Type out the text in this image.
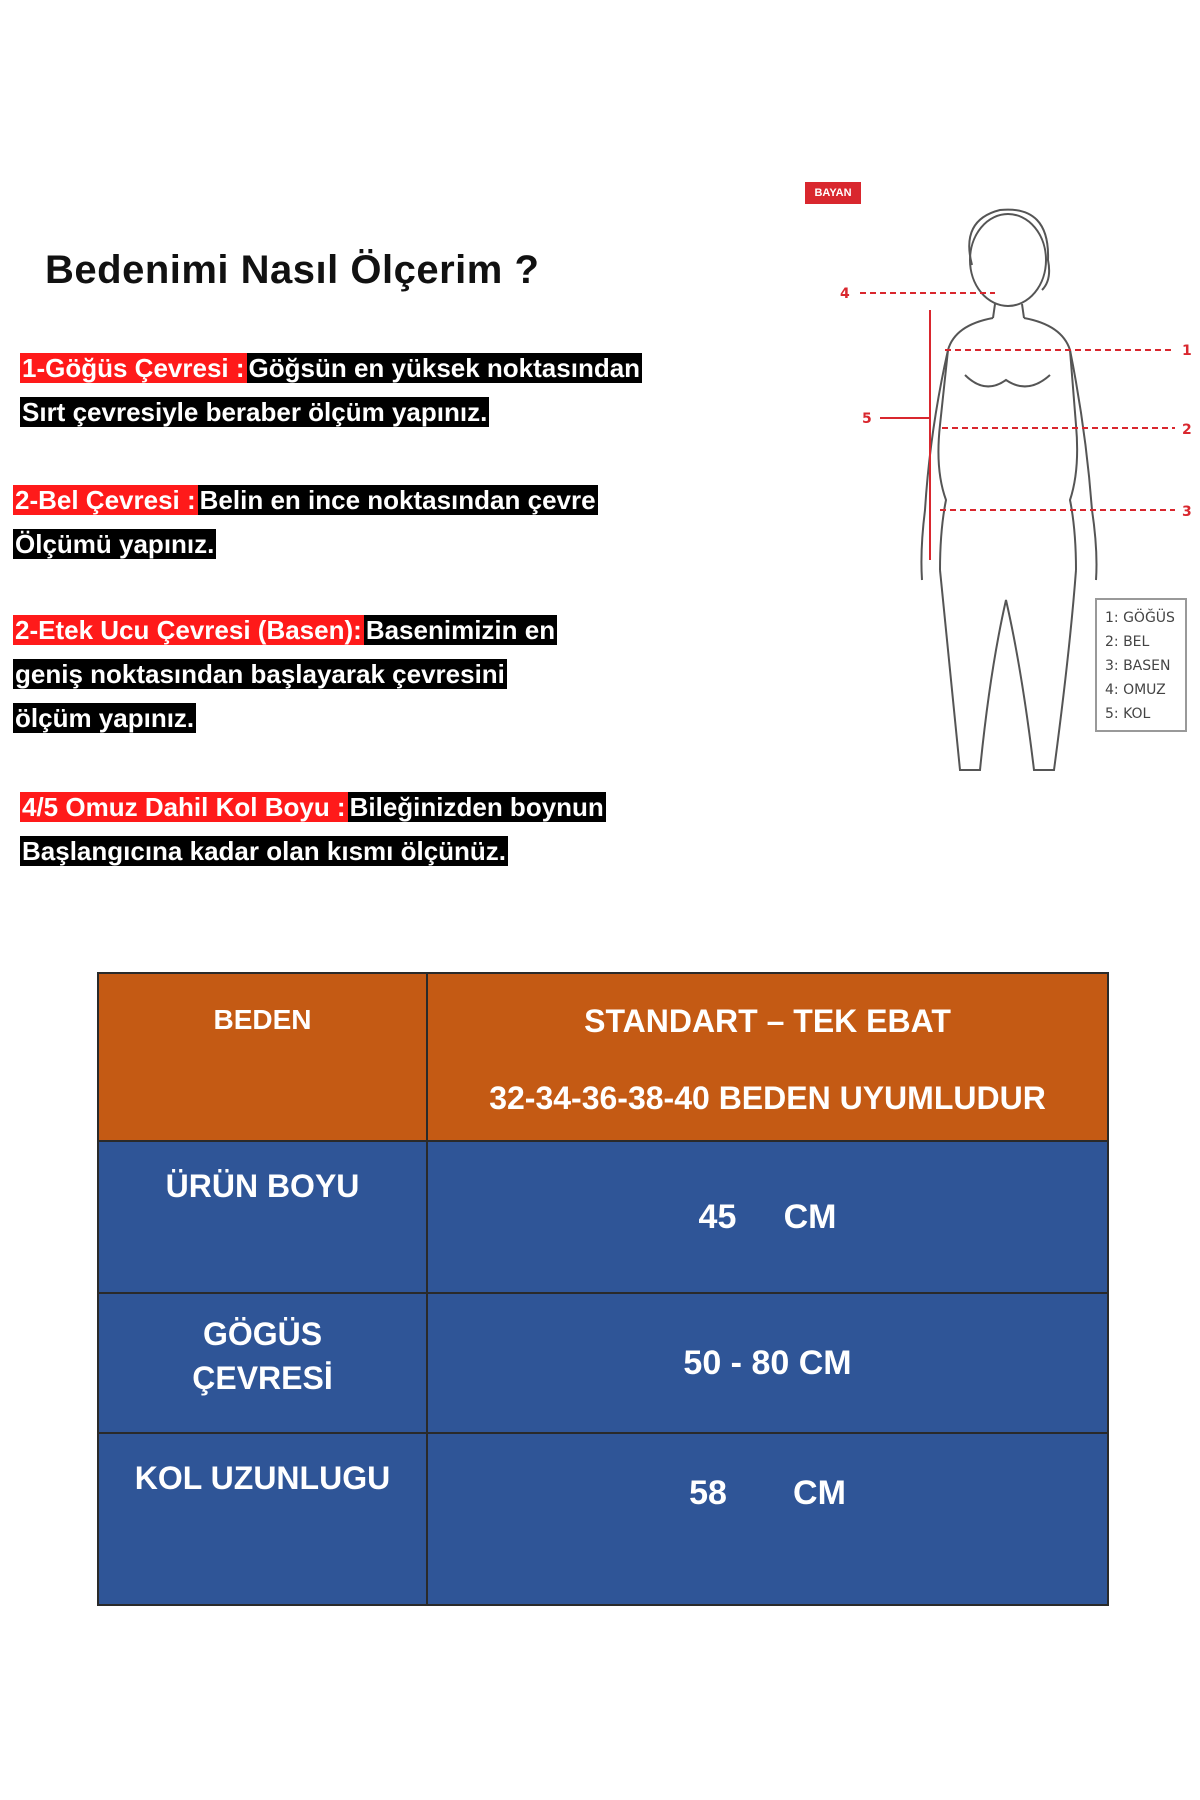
Bedenimi Nasıl Ölçerim ?
1-Göğüs Çevresi : Göğsün en yüksek noktasından
Sırt çevresiyle beraber ölçüm yapınız.
2-Bel Çevresi : Belin en ince noktasından çevre
Ölçümü yapınız.
2-Etek Ucu Çevresi (Basen): Basenimizin en
geniş noktasından başlayarak çevresini
ölçüm yapınız.
4/5 Omuz Dahil Kol Boyu : Bileğinizden boynun
Başlangıcına kadar olan kısmı ölçünüz.
BAYAN
1
2
3
4
5
1: GÖĞÜS
2: BEL
3: BASEN
4: OMUZ
5: KOL
BEDEN	STANDART – TEK EBAT
32-34-36-38-40 BEDEN UYUMLUDUR

ÜRÜN BOYU	45     CM

GÖGÜS
ÇEVRESİ	50 - 80 CM
KOL UZUNLUGU	58       CM
